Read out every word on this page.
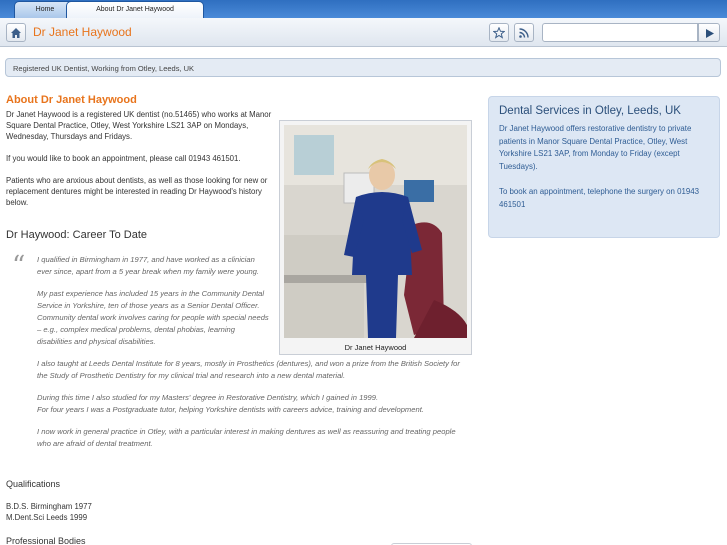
Home	About Dr Janet Haywood
Dr Janet Haywood
Registered UK Dentist, Working from Otley, Leeds, UK
About Dr Janet Haywood

Dr Janet Haywood is a registered UK dentist (no.51465) who works at Manor Square Dental Practice, Otley, West Yorkshire LS21 3AP on Mondays, Wednesday, Thursdays and Fridays.

If you would like to book an appointment, please call 01943 461501.

Patients who are anxious about dentists, as well as those looking for new or replacement dentures might be interested in reading Dr Haywood's history below.

Dr Janet Haywood
Dr Haywood: Career To Date
“ I qualified in Birmingham in 1977, and have worked as a clinician ever since, apart from a 5 year break when my family were young.

My past experience has included 15 years in the Community Dental Service in Yorkshire, ten of those years as a Senior Dental Officer. Community dental work involves caring for people with special needs – e.g., complex medical problems, dental phobias, learning disabilities and physical disabilities.

I also taught at Leeds Dental Institute for 8 years, mostly in Prosthetics (dentures), and won a prize from the British Society for the Study of Prosthetic Dentistry for my clinical trial and research into a new dental material.

During this time I also studied for my Masters' degree in Restorative Dentistry, which I gained in 1999.

For four years I was a Postgraduate tutor, helping Yorkshire dentists with careers advice, training and development.

I now work in general practice in Otley, with a particular interest in making dentures as well as reassuring and treating people who are afraid of dental treatment.

Qualifications
B.D.S. Birmingham 1977
M.Dent.Sci Leeds 1999
Professional Bodies
Dental Services in Otley, Leeds, UK

Dr Janet Haywood offers restorative dentistry to private patients in Manor Square Dental Practice, Otley, West Yorkshire LS21 3AP, from Monday to Friday (except Tuesdays).

To book an appointment, telephone the surgery on 01943 461501
